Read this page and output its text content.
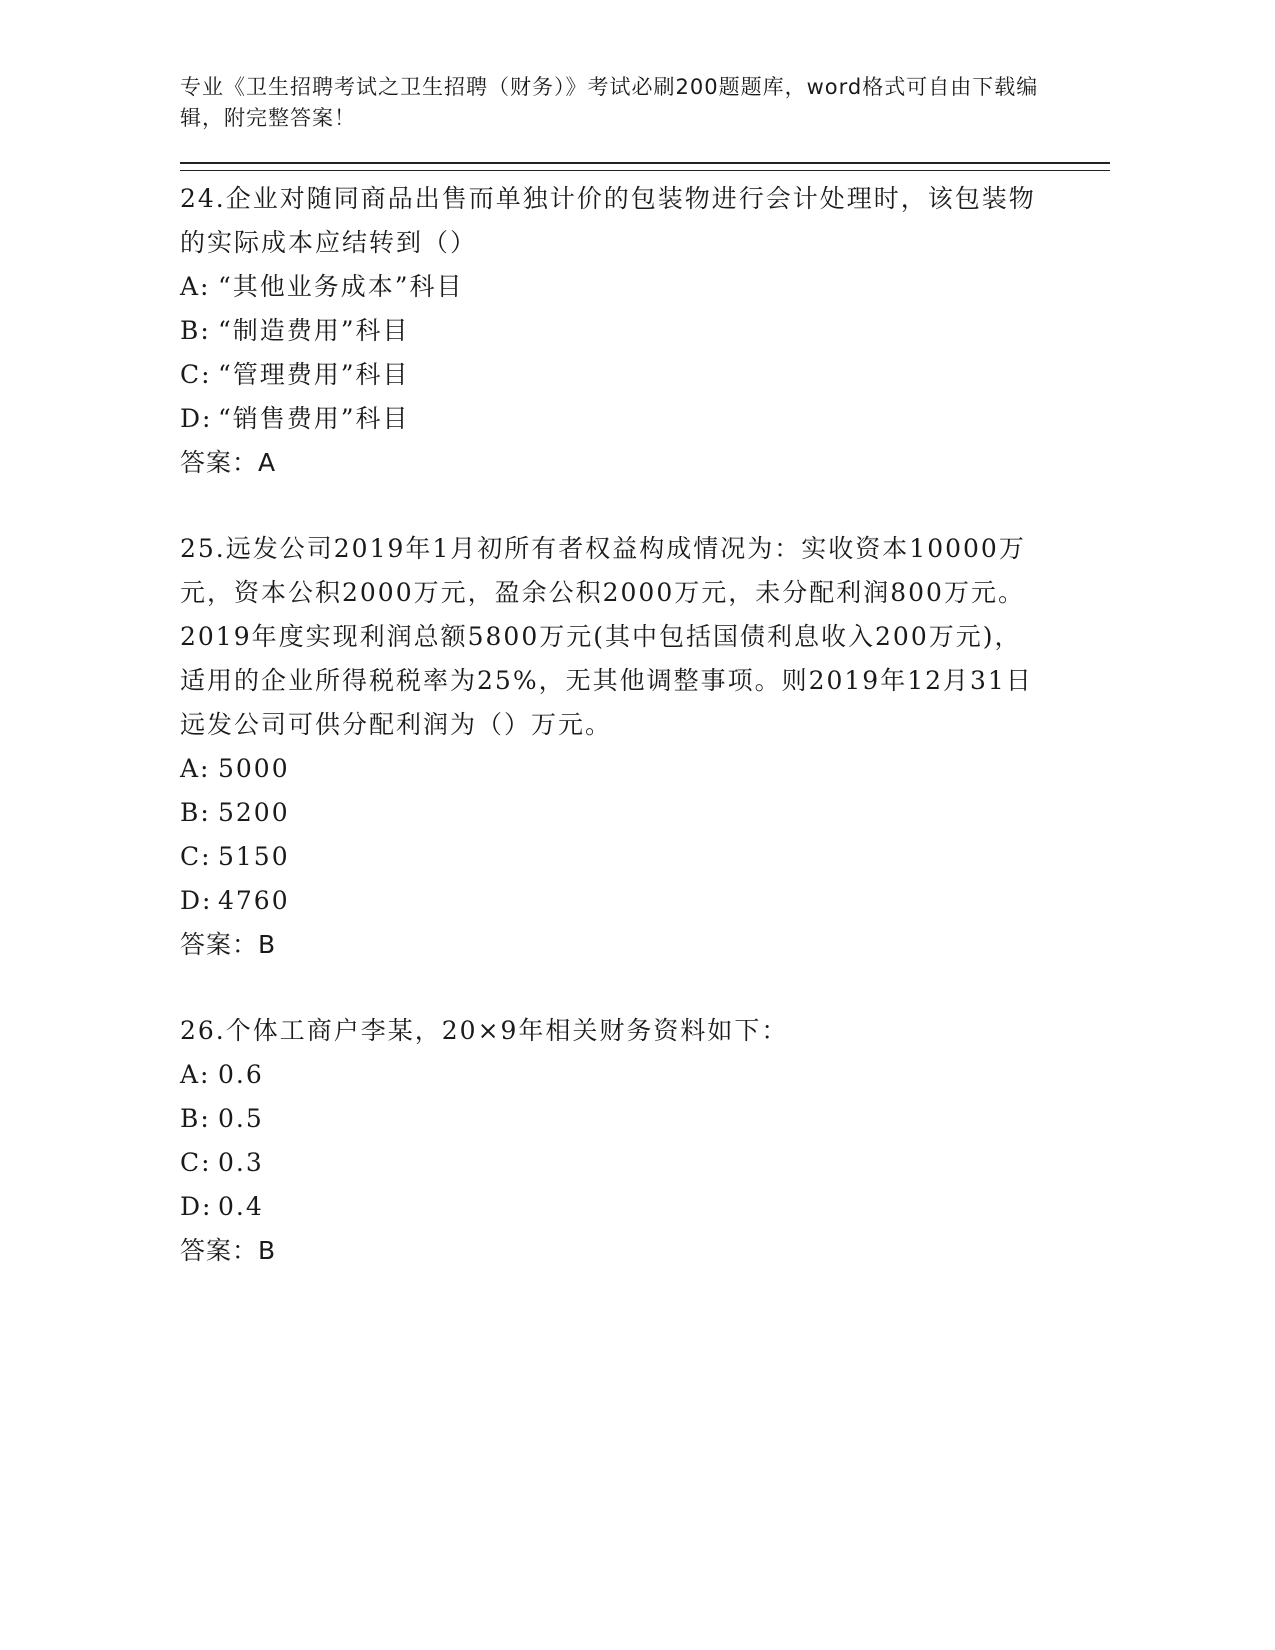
专业《卫生招聘考试之卫生招聘（财务）》考试必刷200题题库，word格式可自由下载编辑，附完整答案！
24.企业对随同商品出售而单独计价的包装物进行会计处理时，该包装物的实际成本应结转到（）
A: “其他业务成本”科目
B: “制造费用”科目
C: “管理费用”科目
D: “销售费用”科目
答案：A
25.远发公司2019年1月初所有者权益构成情况为：实收资本10000万元，资本公积2000万元，盈余公积2000万元，未分配利润800万元。2019年度实现利润总额5800万元(其中包括国债利息收入200万元)，适用的企业所得税税率为25%，无其他调整事项。则2019年12月31日远发公司可供分配利润为（）万元。
A: 5000
B: 5200
C: 5150
D: 4760
答案：B
26.个体工商户李某，20×9年相关财务资料如下：
A: 0.6
B: 0.5
C: 0.3
D: 0.4
答案：B
